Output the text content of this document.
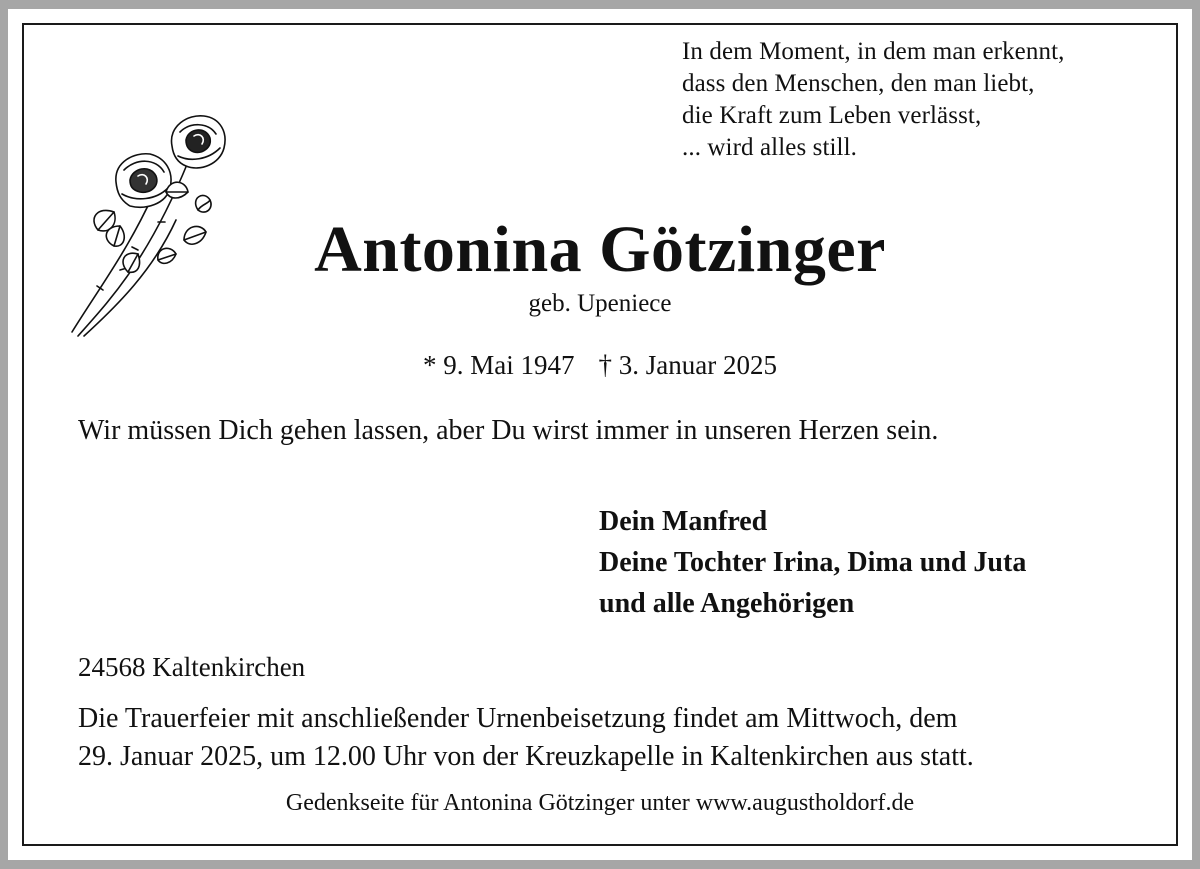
In dem Moment, in dem man erkennt,
dass den Menschen, den man liebt,
die Kraft zum Leben verlässt,
... wird alles still.
Antonina Götzinger
geb. Upeniece
* 9. Mai 1947 † 3. Januar 2025
Wir müssen Dich gehen lassen, aber Du wirst immer in unseren Herzen sein.
Dein Manfred
Deine Tochter Irina, Dima und Juta
und alle Angehörigen
24568 Kaltenkirchen
Die Trauerfeier mit anschließender Urnenbeisetzung findet am Mittwoch, dem
29. Januar 2025, um 12.00 Uhr von der Kreuzkapelle in Kaltenkirchen aus statt.
Gedenkseite für Antonina Götzinger unter www.augustholdorf.de
